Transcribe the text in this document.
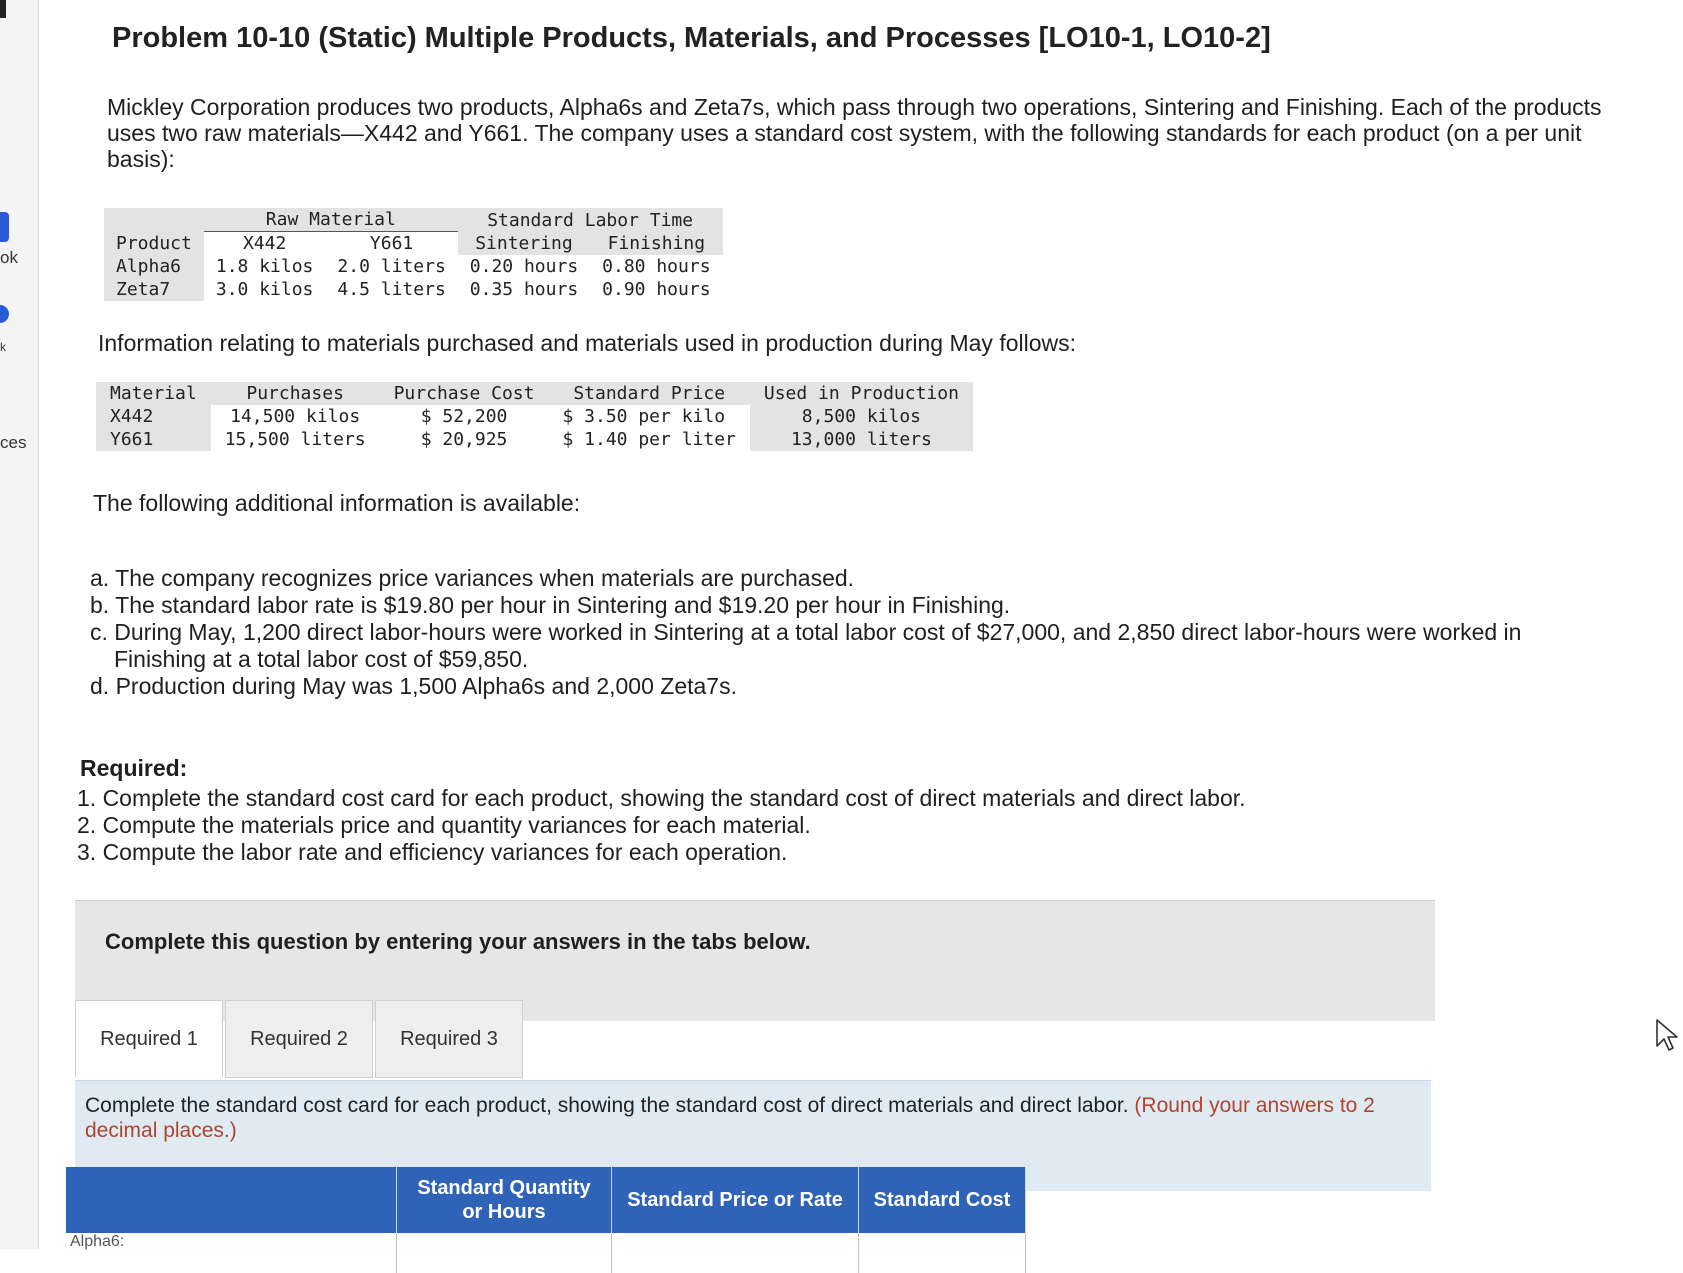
ok
k
ces
Problem 10-10 (Static) Multiple Products, Materials, and Processes [LO10-1, LO10-2]

Mickley Corporation produces two products, Alpha6s and Zeta7s, which pass through two operations, Sintering and Finishing. Each of the products uses two raw materials—X442 and Y661. The company uses a standard cost system, with the following standards for each product (on a per unit basis):

	Raw Material		Standard Labor Time	
Product	X442	Y661	Sintering	Finishing
Alpha6	1.8 kilos	2.0 liters	0.20 hours	0.80 hours
Zeta7	3.0 kilos	4.5 liters	0.35 hours	0.90 hours

Information relating to materials purchased and materials used in production during May follows:

Material	Purchases	Purchase Cost	Standard Price	Used in Production
X442	14,500 kilos	$ 52,200	$ 3.50 per kilo	8,500 kilos
Y661	15,500 liters	$ 20,925	$ 1.40 per liter	13,000 liters

The following additional information is available:

a. The company recognizes price variances when materials are purchased.
b. The standard labor rate is $19.80 per hour in Sintering and $19.20 per hour in Finishing.
c. During May, 1,200 direct labor-hours were worked in Sintering at a total labor cost of $27,000, and 2,850 direct labor-hours were worked in Finishing at a total labor cost of $59,850.
d. Production during May was 1,500 Alpha6s and 2,000 Zeta7s.

Required:

1. Complete the standard cost card for each product, showing the standard cost of direct materials and direct labor.
2. Compute the materials price and quantity variances for each material.
3. Compute the labor rate and efficiency variances for each operation.
Complete this question by entering your answers in the tabs below.
Required 1	Required 2	Required 3

Complete the standard cost card for each product, showing the standard cost of direct materials and direct labor. (Round your answers to 2 decimal places.)

	Standard Quantity or Hours	Standard Price or Rate	Standard Cost
Alpha6:			
